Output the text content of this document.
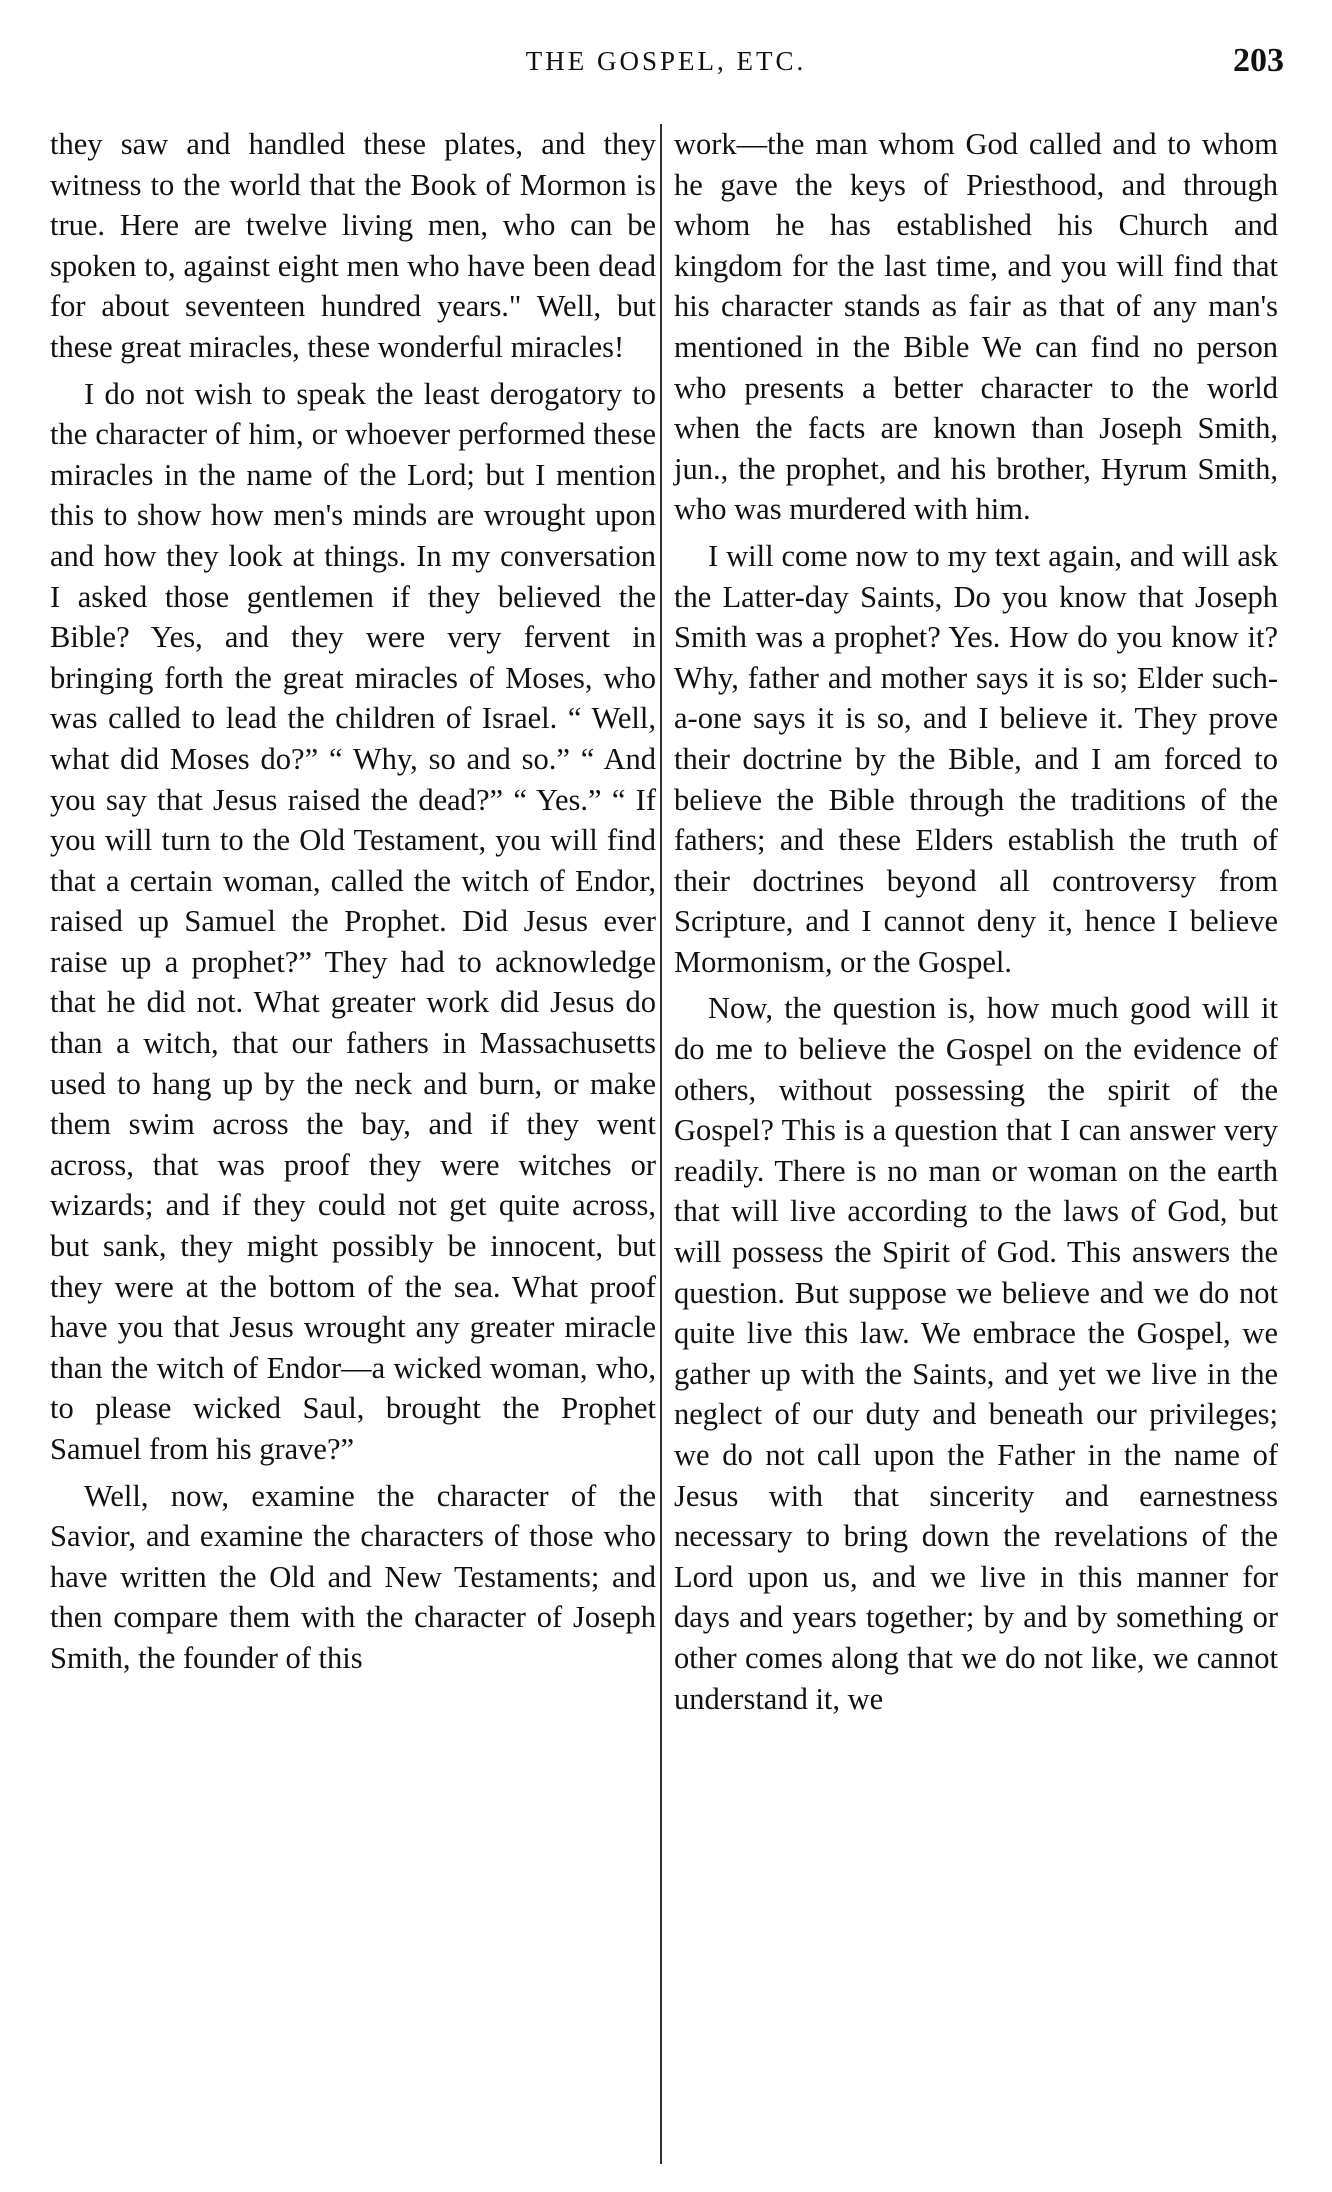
THE GOSPEL, ETC.	203

they saw and handled these plates, and they witness to the world that the Book of Mormon is true. Here are twelve living men, who can be spoken to, against eight men who have been dead for about seventeen hundred years." Well, but these great miracles, these wonderful miracles!

I do not wish to speak the least derogatory to the character of him, or whoever performed these miracles in the name of the Lord; but I mention this to show how men's minds are wrought upon and how they look at things. In my conversation I asked those gentlemen if they believed the Bible? Yes, and they were very fervent in bringing forth the great miracles of Moses, who was called to lead the children of Israel. “ Well, what did Moses do?” “ Why, so and so.” “ And you say that Jesus raised the dead?” “ Yes.” “ If you will turn to the Old Testament, you will find that a certain woman, called the witch of Endor, raised up Samuel the Prophet. Did Jesus ever raise up a prophet?” They had to acknowledge that he did not. What greater work did Jesus do than a witch, that our fathers in Massachusetts used to hang up by the neck and burn, or make them swim across the bay, and if they went across, that was proof they were witches or wizards; and if they could not get quite across, but sank, they might possibly be innocent, but they were at the bottom of the sea. What proof have you that Jesus wrought any greater miracle than the witch of Endor—a wicked woman, who, to please wicked Saul, brought the Prophet Samuel from his grave?”

Well, now, examine the character of the Savior, and examine the characters of those who have written the Old and New Testaments; and then compare them with the character of Joseph Smith, the founder of this

work—the man whom God called and to whom he gave the keys of Priesthood, and through whom he has established his Church and kingdom for the last time, and you will find that his character stands as fair as that of any man's mentioned in the Bible We can find no person who presents a better character to the world when the facts are known than Joseph Smith, jun., the prophet, and his brother, Hyrum Smith, who was murdered with him.

I will come now to my text again, and will ask the Latter-day Saints, Do you know that Joseph Smith was a prophet? Yes. How do you know it? Why, father and mother says it is so; Elder such-a-one says it is so, and I believe it. They prove their doctrine by the Bible, and I am forced to believe the Bible through the traditions of the fathers; and these Elders establish the truth of their doctrines beyond all controversy from Scripture, and I cannot deny it, hence I believe Mormonism, or the Gospel.

Now, the question is, how much good will it do me to believe the Gospel on the evidence of others, without possessing the spirit of the Gospel? This is a question that I can answer very readily. There is no man or woman on the earth that will live according to the laws of God, but will possess the Spirit of God. This answers the question. But suppose we believe and we do not quite live this law. We embrace the Gospel, we gather up with the Saints, and yet we live in the neglect of our duty and beneath our privileges; we do not call upon the Father in the name of Jesus with that sincerity and earnestness necessary to bring down the revelations of the Lord upon us, and we live in this manner for days and years together; by and by something or other comes along that we do not like, we cannot understand it, we
